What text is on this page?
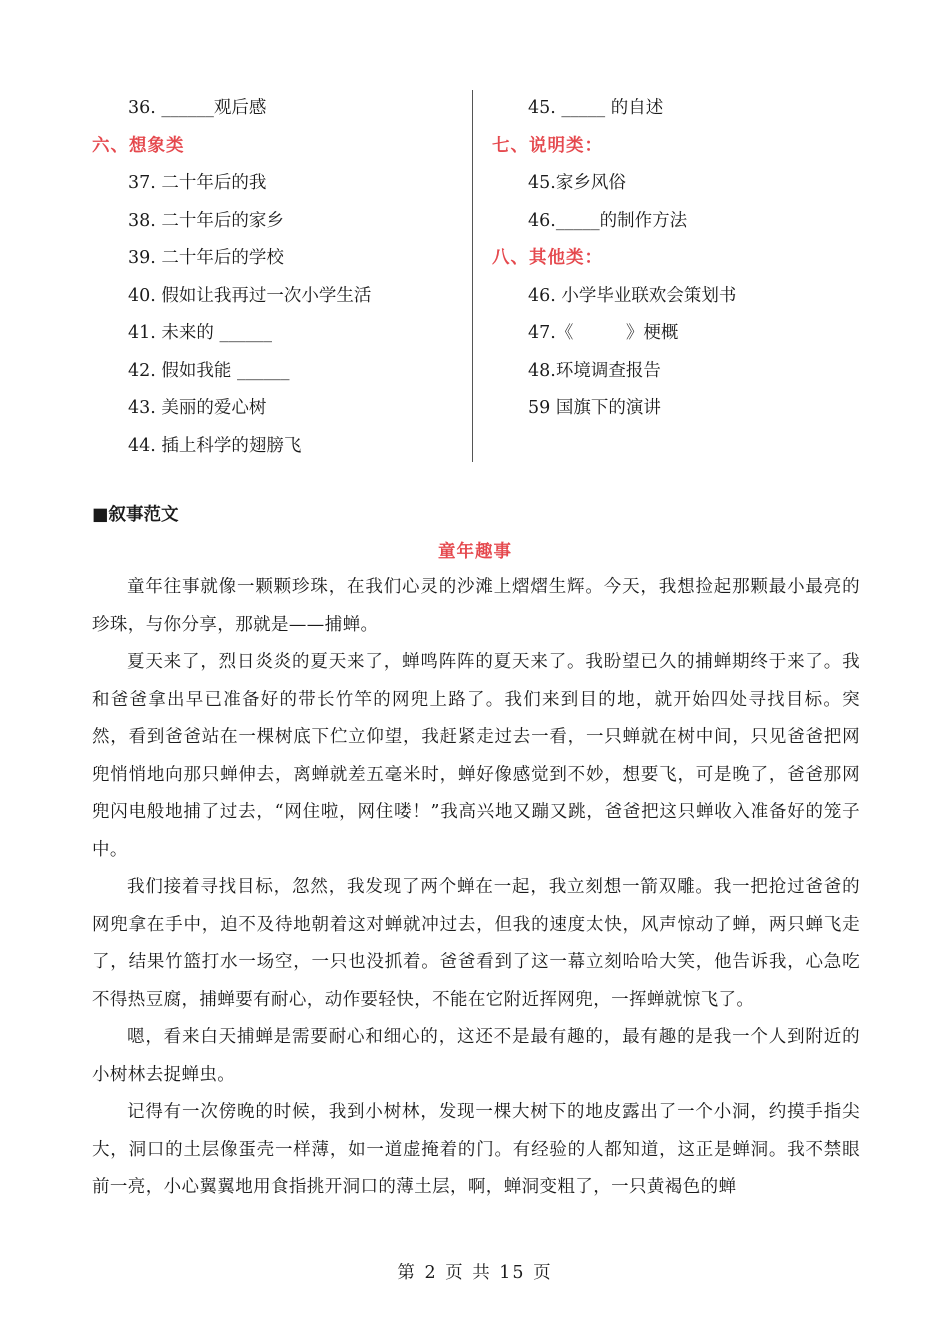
36. ______观后感
六、想象类
37. 二十年后的我
38. 二十年后的家乡
39. 二十年后的学校
40. 假如让我再过一次小学生活
41. 未来的 ______
42. 假如我能 ______
43. 美丽的爱心树
44. 插上科学的翅膀飞
45. _____ 的自述
七、说明类：
45.家乡风俗
46._____的制作方法
八、其他类：
46. 小学毕业联欢会策划书
47.《　　　》梗概
48.环境调查报告
59 国旗下的演讲
■叙事范文
童年趣事

童年往事就像一颗颗珍珠，在我们心灵的沙滩上熠熠生辉。今天，我想捡起那颗最小最亮的珍珠，与你分享，那就是——捕蝉。

夏天来了，烈日炎炎的夏天来了，蝉鸣阵阵的夏天来了。我盼望已久的捕蝉期终于来了。我和爸爸拿出早已准备好的带长竹竿的网兜上路了。我们来到目的地，就开始四处寻找目标。突然，看到爸爸站在一棵树底下伫立仰望，我赶紧走过去一看，一只蝉就在树中间，只见爸爸把网兜悄悄地向那只蝉伸去，离蝉就差五毫米时，蝉好像感觉到不妙，想要飞，可是晚了，爸爸那网兜闪电般地捕了过去，“网住啦，网住喽！”我高兴地又蹦又跳，爸爸把这只蝉收入准备好的笼子中。

我们接着寻找目标，忽然，我发现了两个蝉在一起，我立刻想一箭双雕。我一把抢过爸爸的网兜拿在手中，迫不及待地朝着这对蝉就冲过去，但我的速度太快，风声惊动了蝉，两只蝉飞走了，结果竹篮打水一场空，一只也没抓着。爸爸看到了这一幕立刻哈哈大笑，他告诉我，心急吃不得热豆腐，捕蝉要有耐心，动作要轻快，不能在它附近挥网兜，一挥蝉就惊飞了。

嗯，看来白天捕蝉是需要耐心和细心的，这还不是最有趣的，最有趣的是我一个人到附近的小树林去捉蝉虫。

记得有一次傍晚的时候，我到小树林，发现一棵大树下的地皮露出了一个小洞，约摸手指尖大，洞口的土层像蛋壳一样薄，如一道虚掩着的门。有经验的人都知道，这正是蝉洞。我不禁眼前一亮，小心翼翼地用食指挑开洞口的薄土层，啊，蝉洞变粗了，一只黄褐色的蝉

第 2 页 共 15 页
